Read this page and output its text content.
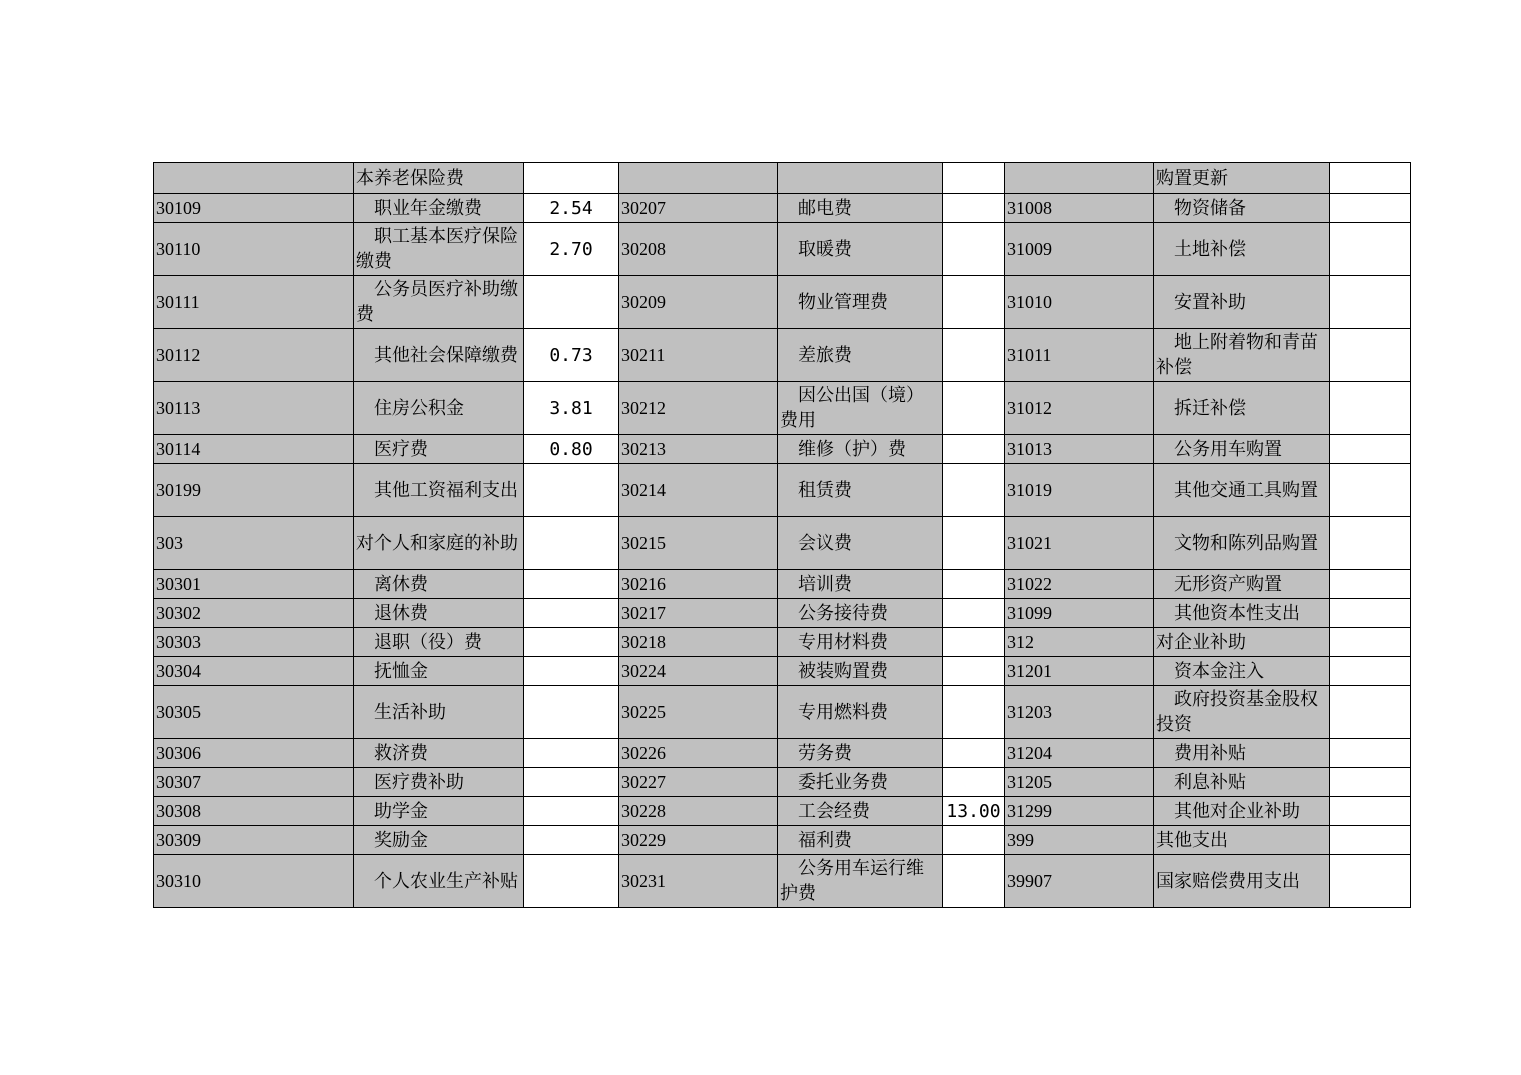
	本养老保险费						购置更新	
30109	职业年金缴费	2.54	30207	邮电费		31008	物资储备	
30110	职工基本医疗保险缴费	2.70	30208	取暖费		31009	土地补偿	
30111	公务员医疗补助缴费		30209	物业管理费		31010	安置补助	
30112	其他社会保障缴费	0.73	30211	差旅费		31011	地上附着物和青苗补偿	
30113	住房公积金	3.81	30212	因公出国（境）费用		31012	拆迁补偿	
30114	医疗费	0.80	30213	维修（护）费		31013	公务用车购置	
30199	其他工资福利支出		30214	租赁费		31019	其他交通工具购置	
303	对个人和家庭的补助		30215	会议费		31021	文物和陈列品购置	
30301	离休费		30216	培训费		31022	无形资产购置	
30302	退休费		30217	公务接待费		31099	其他资本性支出	
30303	退职（役）费		30218	专用材料费		312	对企业补助	
30304	抚恤金		30224	被装购置费		31201	资本金注入	
30305	生活补助		30225	专用燃料费		31203	政府投资基金股权投资	
30306	救济费		30226	劳务费		31204	费用补贴	
30307	医疗费补助		30227	委托业务费		31205	利息补贴	
30308	助学金		30228	工会经费	13.00	31299	其他对企业补助	
30309	奖励金		30229	福利费		399	其他支出	
30310	个人农业生产补贴		30231	公务用车运行维护费		39907	国家赔偿费用支出	
